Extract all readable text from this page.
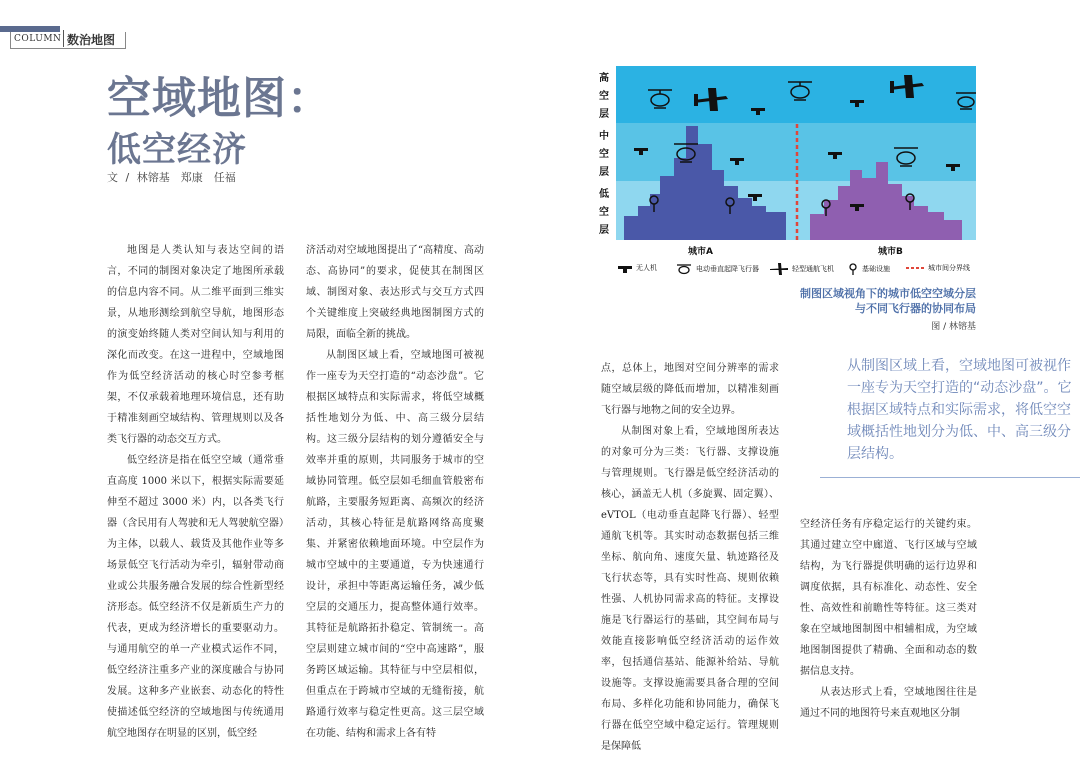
COLUMN 数治地图
空域地图：
低空经济
文 / 林镕基　郑康　任福

地图是人类认知与表达空间的语言，不同的制图对象决定了地图所承载的信息内容不同。从二维平面到三维实景，从地形测绘到航空导航，地图形态的演变始终随人类对空间认知与利用的深化而改变。在这一进程中，空域地图作为低空经济活动的核心时空参考框架，不仅承载着地理环境信息，还有助于精准刻画空域结构、管理规则以及各类飞行器的动态交互方式。

低空经济是指在低空空域（通常垂直高度 1000 米以下，根据实际需要延伸至不超过 3000 米）内，以各类飞行器（含民用有人驾驶和无人驾驶航空器）为主体，以载人、载货及其他作业等多场景低空飞行活动为牵引，辐射带动商业或公共服务融合发展的综合性新型经济形态。低空经济不仅是新质生产力的代表，更成为经济增长的重要驱动力。与通用航空的单一产业模式运作不同，低空经济注重多产业的深度融合与协同发展。这种多产业嵌套、动态化的特性使描述低空经济的空域地图与传统通用航空地图存在明显的区别，低空经

济活动对空域地图提出了“高精度、高动态、高协同”的要求，促使其在制图区域、制图对象、表达形式与交互方式四个关键维度上突破经典地图制图方式的局限，面临全新的挑战。

从制图区域上看，空域地图可被视作一座专为天空打造的“动态沙盘”。它根据区域特点和实际需求，将低空域概括性地划分为低、中、高三级分层结构。这三级分层结构的划分遵循安全与效率并重的原则，共同服务于城市的空域协同管理。低空层如毛细血管般密布航路，主要服务短距离、高频次的经济活动，其核心特征是航路网络高度聚集、并紧密依赖地面环境。中空层作为城市空域中的主要通道，专为快速通行设计，承担中等距离运输任务，减少低空层的交通压力，提高整体通行效率。其特征是航路拓扑稳定、管制统一。高空层则建立城市间的“空中高速路”，服务跨区域运输。其特征与中空层相似，但重点在于跨城市空域的无缝衔接，航路通行效率与稳定性更高。这三层空域在功能、结构和需求上各有特

点，总体上，地图对空间分辨率的需求随空域层级的降低而增加，以精准刻画飞行器与地物之间的安全边界。

从制图对象上看，空域地图所表达的对象可分为三类：飞行器、支撑设施与管理规则。飞行器是低空经济活动的核心，涵盖无人机（多旋翼、固定翼）、eVTOL（电动垂直起降飞行器）、轻型通航飞机等。其实时动态数据包括三维坐标、航向角、速度矢量、轨迹路径及飞行状态等，具有实时性高、规则依赖性强、人机协同需求高的特征。支撑设施是飞行器运行的基础，其空间布局与效能直接影响低空经济活动的运作效率，包括通信基站、能源补给站、导航设施等。支撑设施需要具备合理的空间布局、多样化功能和协同能力，确保飞行器在低空空域中稳定运行。管理规则是保障低

空经济任务有序稳定运行的关键约束。其通过建立空中廊道、飞行区域与空域结构，为飞行器提供明确的运行边界和调度依据，具有标准化、动态性、安全性、高效性和前瞻性等特征。这三类对象在空域地图制图中相辅相成，为空域地图制图提供了精确、全面和动态的数据信息支持。

从表达形式上看，空域地图往往是通过不同的地图符号来直观地区分制

从制图区域上看，空域地图可被视作一座专为天空打造的“动态沙盘”。它根据区域特点和实际需求，将低空空域概括性地划分为低、中、高三级分层结构。
高空层
中空层
低空层
城市A	城市B
无人机	电动垂直起降飞行器	轻型通航飞机	基础设施	城市间分界线
制图区域视角下的城市低空空域分层
与不同飞行器的协同布局
图 / 林镕基
